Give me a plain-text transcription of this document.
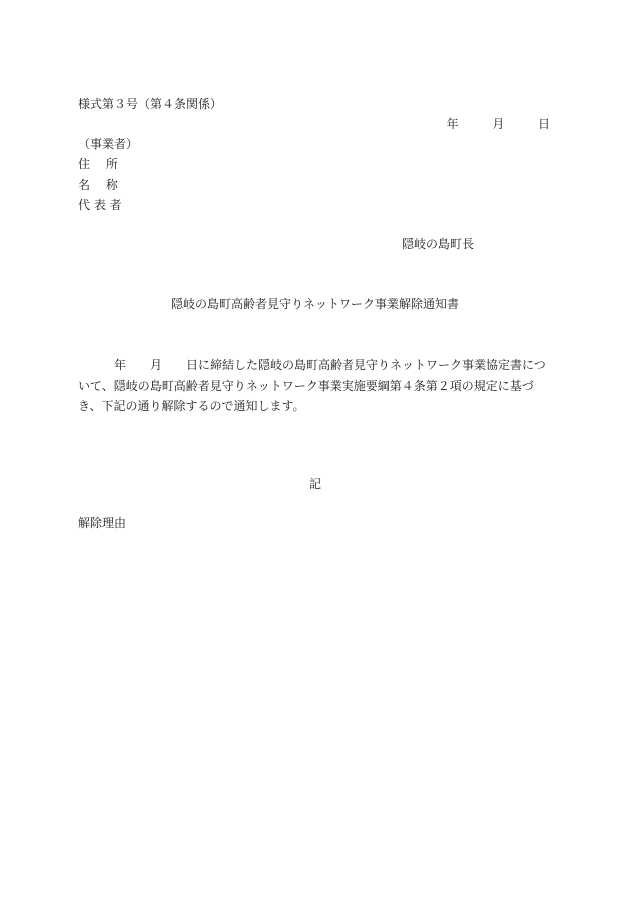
様式第３号（第４条関係）
年	月	日
（事業者）
住　 所
名　 称
代 表 者
隠岐の島町長
隠岐の島町高齢者見守りネットワーク事業解除通知書
　　　年　　月　　日に締結した隠岐の島町高齢者見守りネットワーク事業協定書について、隠岐の島町高齢者見守りネットワーク事業実施要綱第４条第２項の規定に基づき、下記の通り解除するので通知します。
記
解除理由
